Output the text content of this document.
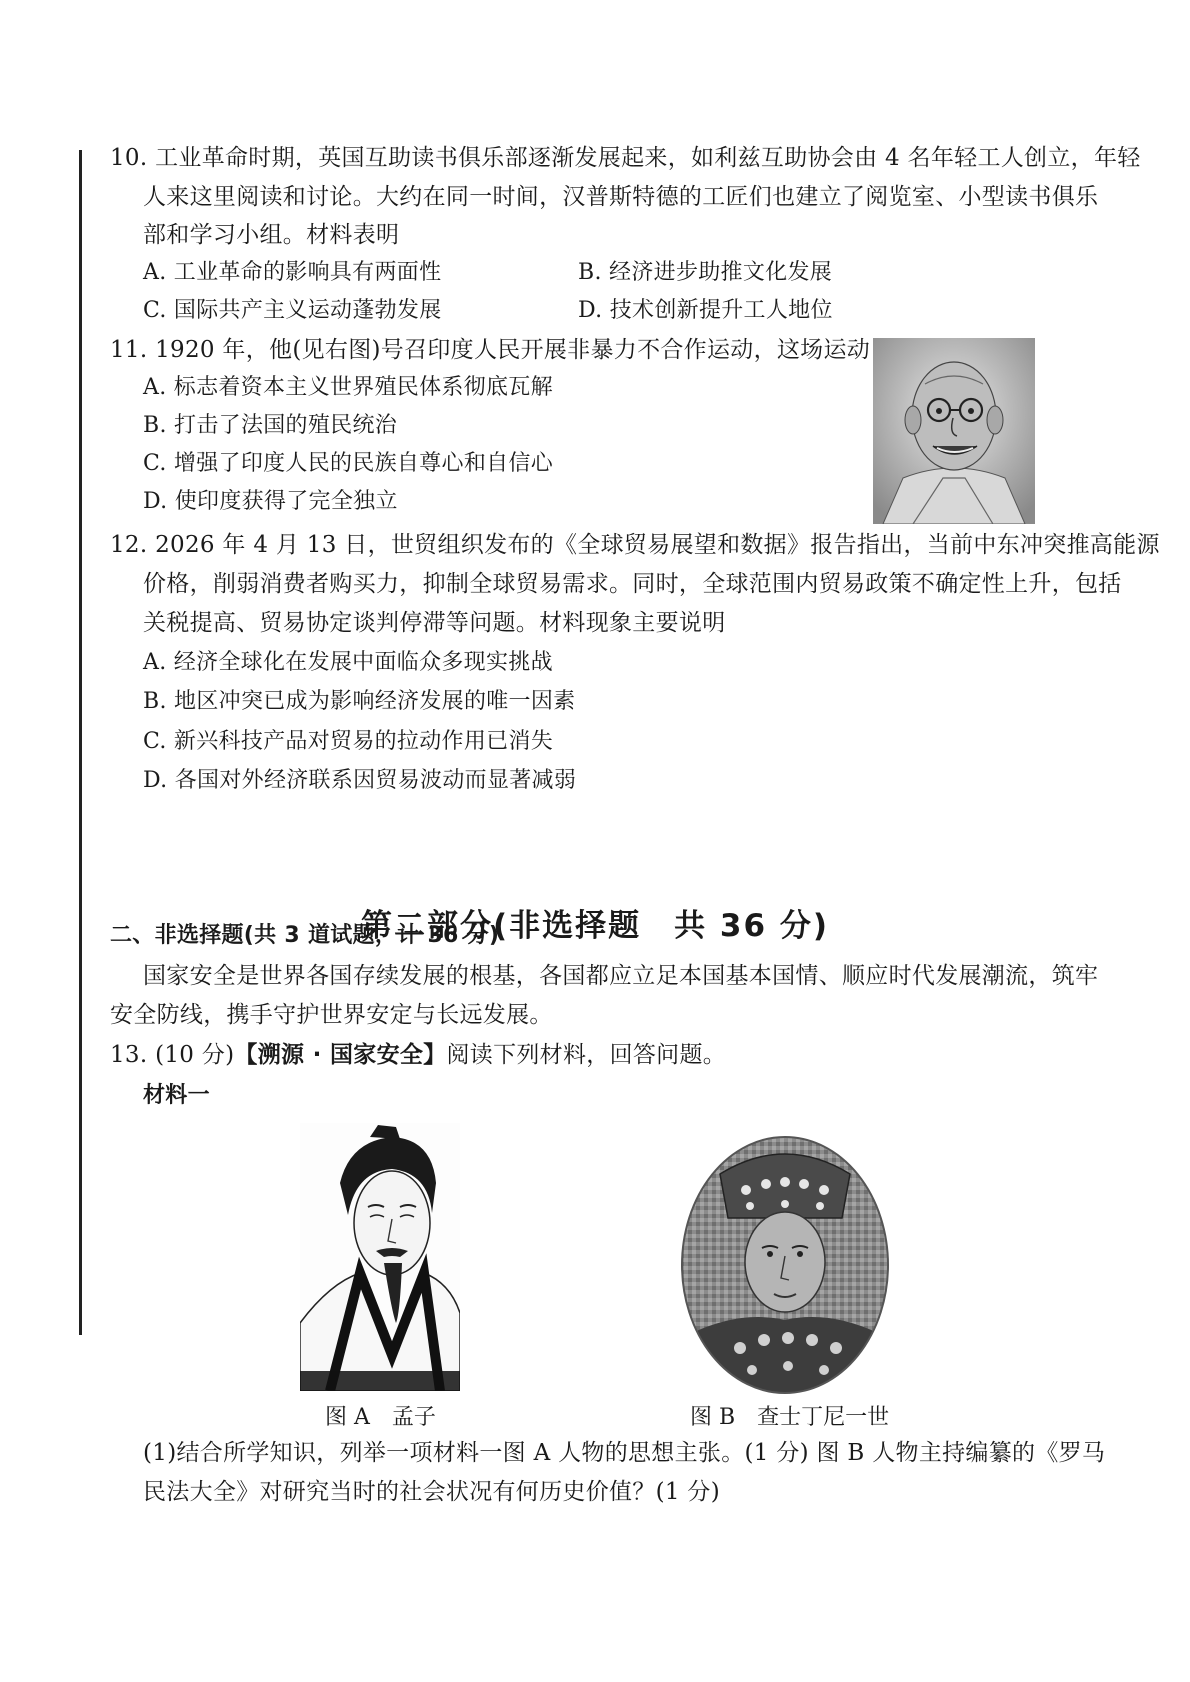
10. 工业革命时期，英国互助读书俱乐部逐渐发展起来，如利兹互助协会由 4 名年轻工人创立，年轻
人来这里阅读和讨论。大约在同一时间，汉普斯特德的工匠们也建立了阅览室、小型读书俱乐
部和学习小组。材料表明
A. 工业革命的影响具有两面性	B. 经济进步助推文化发展
C. 国际共产主义运动蓬勃发展	D. 技术创新提升工人地位
11. 1920 年，他(见右图)号召印度人民开展非暴力不合作运动，这场运动
A. 标志着资本主义世界殖民体系彻底瓦解
B. 打击了法国的殖民统治
C. 增强了印度人民的民族自尊心和自信心
D. 使印度获得了完全独立
12. 2026 年 4 月 13 日，世贸组织发布的《全球贸易展望和数据》报告指出，当前中东冲突推高能源
价格，削弱消费者购买力，抑制全球贸易需求。同时，全球范围内贸易政策不确定性上升，包括
关税提高、贸易协定谈判停滞等问题。材料现象主要说明
A. 经济全球化在发展中面临众多现实挑战
B. 地区冲突已成为影响经济发展的唯一因素
C. 新兴科技产品对贸易的拉动作用已消失
D. 各国对外经济联系因贸易波动而显著减弱
第二部分(非选择题　共 36 分)
二、非选择题(共 3 道试题，计 36 分)
国家安全是世界各国存续发展的根基，各国都应立足本国基本国情、顺应时代发展潮流，筑牢
安全防线，携手守护世界安定与长远发展。
13. (10 分)【溯源 · 国家安全】阅读下列材料，回答问题。
材料一
图 A　孟子	图 B　查士丁尼一世
(1)结合所学知识，列举一项材料一图 A 人物的思想主张。(1 分) 图 B 人物主持编纂的《罗马
民法大全》对研究当时的社会状况有何历史价值？(1 分)
